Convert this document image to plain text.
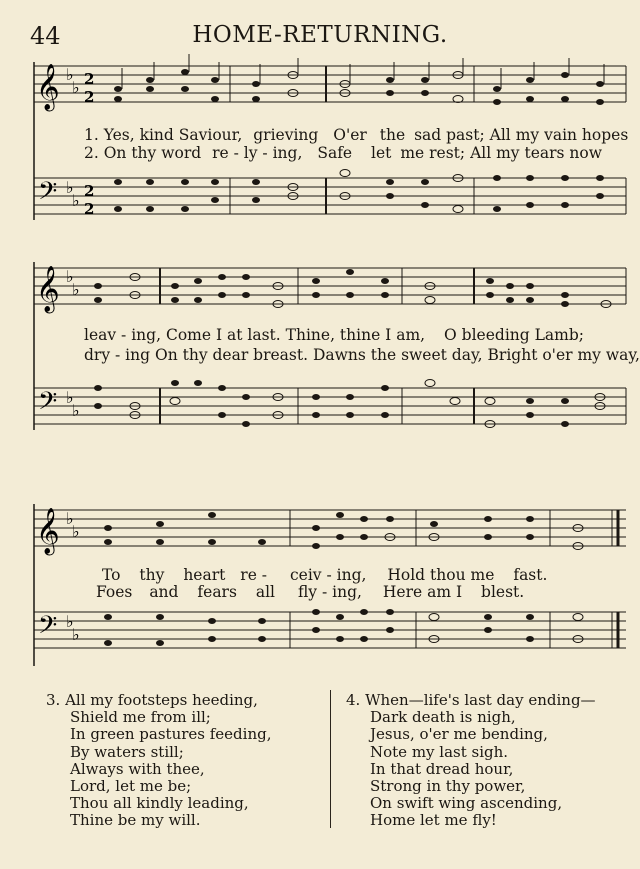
44	HOME-RETURNING.
𝄞 ♭
♭ 2
2
𝄢 ♭
♭ 2
2
1. Yes, kind Saviour, grieving O'er the sad past; All my vain hopes
2. On thy word re - ly - ing, Safe let me rest; All my tears now
𝄞 ♭
♭
𝄢 ♭
♭
leav - ing, Come I at last. Thine, thine I am, O bleeding Lamb;
dry - ing On thy dear breast. Dawns the sweet day, Bright o'er my way,
𝄞 ♭
♭
𝄢 ♭
♭
To thy heart re - ceiv - ing, Hold thou me fast.
Foes and fears all fly - ing, Here am I blest.
3. All my footsteps heeding,
Shield me from ill;
In green pastures feeding,
By waters still;
Always with thee,
Lord, let me be;
Thou all kindly leading,
Thine be my will.
4. When—life's last day ending—
Dark death is nigh,
Jesus, o'er me bending,
Note my last sigh.
In that dread hour,
Strong in thy power,
On swift wing ascending,
Home let me fly!
